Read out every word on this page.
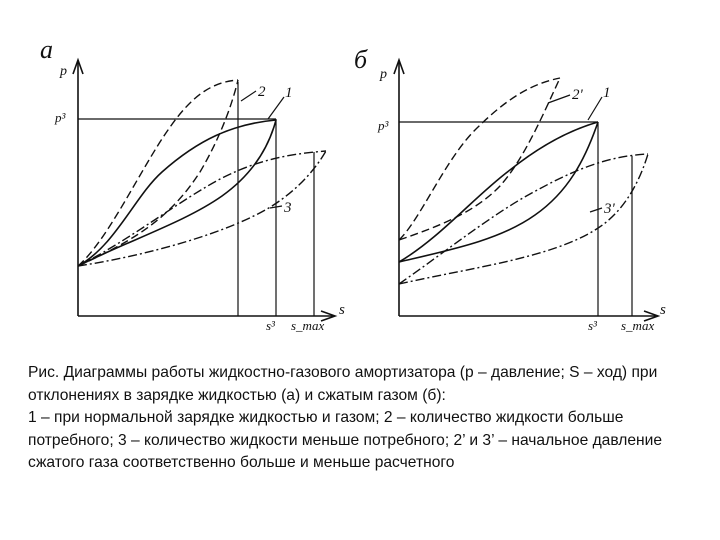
а
p
s
p³
s³ s_max
2 1
3
б
p
s
p³
s³ s_max
2' 1
3'

Рис. Диаграммы работы жидкостно-газового амортизатора (р – давление; S – ход) при отклонениях в зарядке жидкостью (а) и сжатым газом (б):

1 – при нормальной зарядке жидкостью и газом; 2 – количество жидкости больше потребного; 3 – количество жидкости меньше потребного; 2’ и 3’ – начальное давление сжатого газа соответственно больше и меньше расчетного
